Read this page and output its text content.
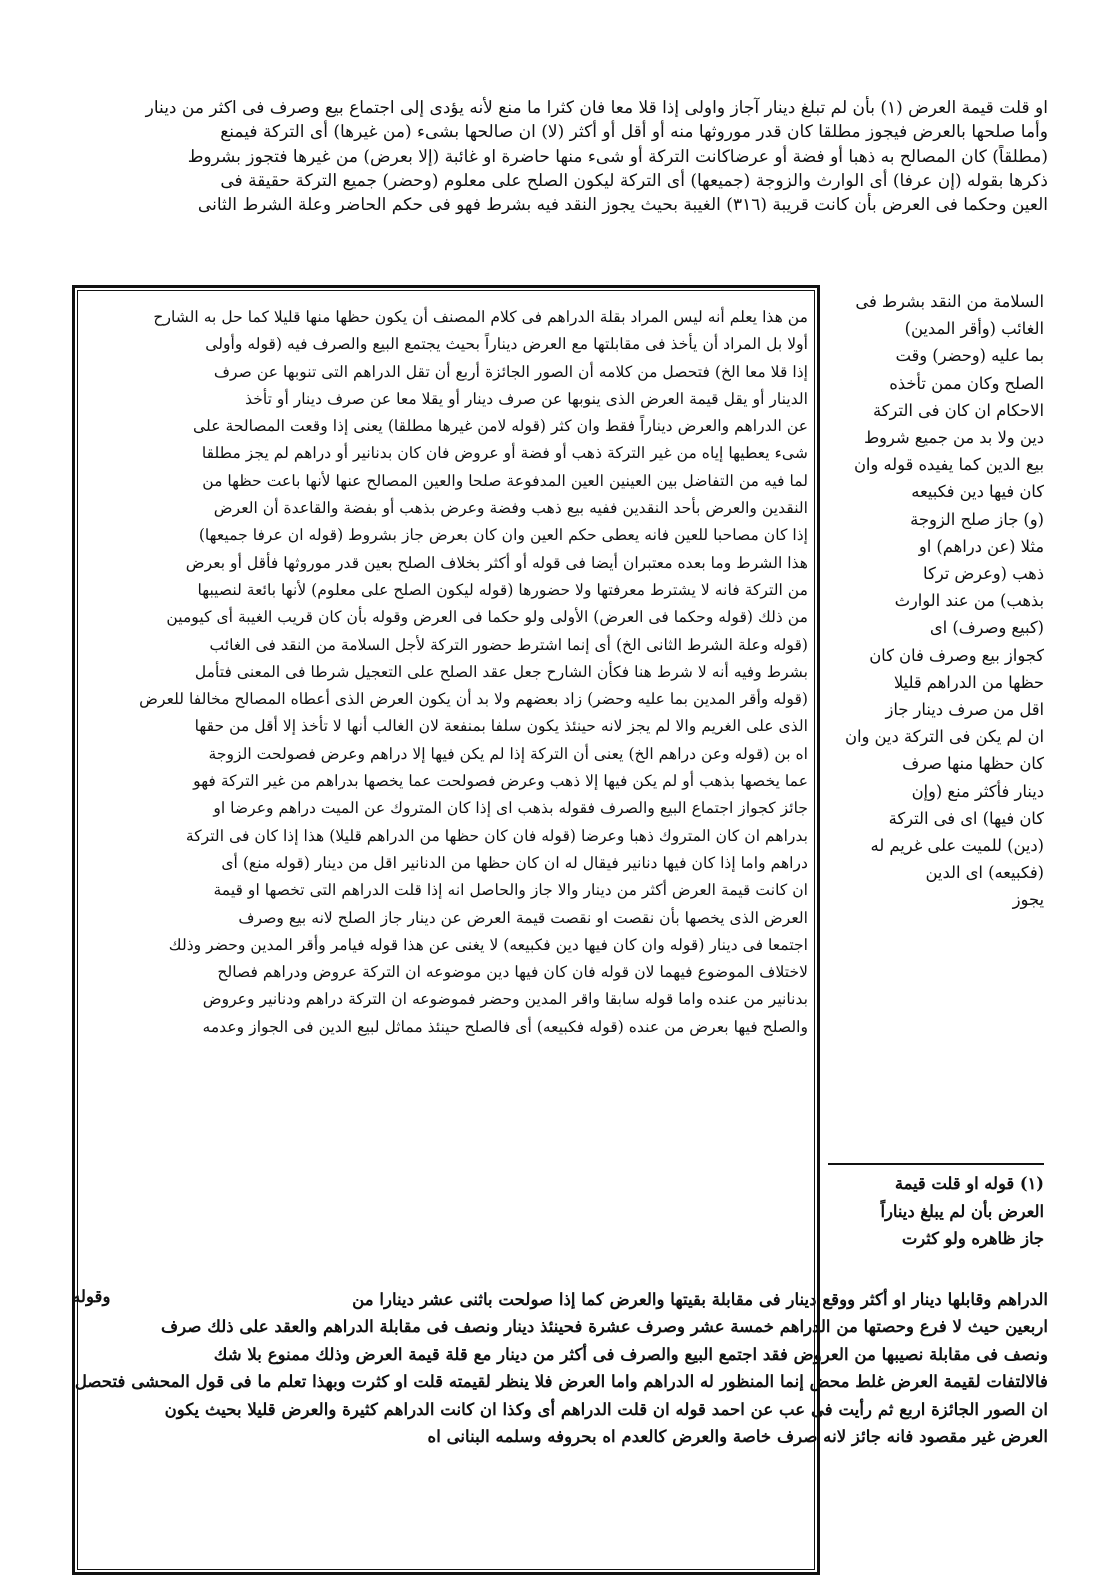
او قلت قيمة العرض (١) بأن لم تبلغ دينار آجاز واولى إذا قلا معا فان كثرا ما منع لأنه يؤدى إلى اجتماع بيع وصرف فى اكثر من دينار
وأما صلحها بالعرض فيجوز مطلقا كان قدر موروثها منه أو أقل أو أكثر (لا) ان صالحها بشىء (من غيرها) أى التركة فيمنع
(مطلقاً) كان المصالح به ذهبا أو فضة أو عرضاكانت التركة أو شىء منها حاضرة او غائبة (إلا بعرض) من غيرها فتجوز بشروط
ذكرها بقوله (إن عرفا) أى الوارث والزوجة (جميعها) أى التركة ليكون الصلح على معلوم (وحضر) جميع التركة حقيقة فى
العين وحكما فى العرض بأن كانت قريبة (٣١٦) الغيبة بحيث يجوز النقد فيه بشرط فهو فى حكم الحاضر وعلة الشرط الثانى
من هذا يعلم أنه ليس المراد بقلة الدراهم فى كلام المصنف أن يكون حظها منها قليلا كما حل به الشارح
أولا بل المراد أن يأخذ فى مقابلتها مع العرض ديناراً بحيث يجتمع البيع والصرف فيه (قوله وأولى
إذا قلا معا الخ) فتحصل من كلامه أن الصور الجائزة أربع أن تقل الدراهم التى تنوبها عن صرف
الدينار أو يقل قيمة العرض الذى ينوبها عن صرف دينار أو يقلا معا عن صرف دينار أو تأخذ
عن الدراهم والعرض ديناراً فقط وان كثر (قوله لامن غيرها مطلقا) يعنى إذا وقعت المصالحة على
شىء يعطيها إياه من غير التركة ذهب أو فضة أو عروض فان كان بدنانير أو دراهم لم يجز مطلقا
لما فيه من التفاضل بين العينين العين المدفوعة صلحا والعين المصالح عنها لأنها باعت حظها من
النقدين والعرض بأحد النقدين ففيه بيع ذهب وفضة وعرض بذهب أو بفضة والقاعدة أن العرض
إذا كان مصاحبا للعين فانه يعطى حكم العين وان كان بعرض جاز بشروط (قوله ان عرفا جميعها)
هذا الشرط وما بعده معتبران أيضا فى قوله أو أكثر بخلاف الصلح بعين قدر موروثها فأقل أو بعرض
من التركة فانه لا يشترط معرفتها ولا حضورها (قوله ليكون الصلح على معلوم) لأنها بائعة لنصيبها
من ذلك (قوله وحكما فى العرض) الأولى ولو حكما فى العرض وقوله بأن كان قريب الغيبة أى كيومين
(قوله وعلة الشرط الثانى الخ) أى إنما اشترط حضور التركة لأجل السلامة من النقد فى الغائب
بشرط وفيه أنه لا شرط هنا فكأن الشارح جعل عقد الصلح على التعجيل شرطا فى المعنى فتأمل
(قوله وأقر المدين بما عليه وحضر) زاد بعضهم ولا بد أن يكون العرض الذى أعطاه المصالح مخالفا للعرض
الذى على الغريم والا لم يجز لانه حينئذ يكون سلفا بمنفعة لان الغالب أنها لا تأخذ إلا أقل من حقها
اه بن (قوله وعن دراهم الخ) يعنى أن التركة إذا لم يكن فيها إلا دراهم وعرض فصولحت الزوجة
عما يخصها بذهب أو لم يكن فيها إلا ذهب وعرض فصولحت عما يخصها بدراهم من غير التركة فهو
جائز كجواز اجتماع البيع والصرف فقوله بذهب اى إذا كان المتروك عن الميت دراهم وعرضا او
بدراهم ان كان المتروك ذهبا وعرضا (قوله فان كان حظها من الدراهم قليلا) هذا إذا كان فى التركة
دراهم واما إذا كان فيها دنانير فيقال له ان كان حظها من الدنانير اقل من دينار (قوله منع) أى
ان كانت قيمة العرض أكثر من دينار والا جاز والحاصل انه إذا قلت الدراهم التى تخصها او قيمة
العرض الذى يخصها بأن نقصت او نقصت قيمة العرض عن دينار جاز الصلح لانه بيع وصرف
اجتمعا فى دينار (قوله وان كان فيها دين فكبيعه) لا يغنى عن هذا قوله فيامر وأقر المدين وحضر وذلك
لاختلاف الموضوع فيهما لان قوله فان كان فيها دين موضوعه ان التركة عروض ودراهم فصالح
بدنانير من عنده واما قوله سابقا واقر المدين وحضر فموضوعه ان التركة دراهم ودنانير وعروض
والصلح فيها بعرض من عنده (قوله فكبيعه) أى فالصلح حينئذ مماثل لبيع الدين فى الجواز وعدمه
السلامة من النقد بشرط فى
الغائب (وأقر المدين)
بما عليه (وحضر) وقت
الصلح وكان ممن تأخذه
الاحكام ان كان فى التركة
دين ولا بد من جميع شروط
بيع الدين كما يفيده قوله وان
كان فيها دين فكبيعه
(و) جاز صلح الزوجة
مثلا (عن دراهم) او
ذهب (وعرض تركا
بذهب) من عند الوارث
(كبيع وصرف) اى
كجواز بيع وصرف فان كان
حظها من الدراهم قليلا
اقل من صرف دينار جاز
ان لم يكن فى التركة دين وان
كان حظها منها صرف
دينار فأكثر منع (وإن
كان فيها) اى فى التركة
(دين) للميت على غريم له
(فكبيعه) اى الدين
يجوز
(١) قوله او قلت قيمة
العرض بأن لم يبلغ ديناراً
جاز ظاهره ولو كثرت
الدراهم وقابلها دينار او أكثر ووقع دينار فى مقابلة بقيتها والعرض كما إذا صولحت باثنى عشر دينارا من
اربعين حيث لا فرع وحصتها من الدراهم خمسة عشر وصرف عشرة فحينئذ دينار ونصف فى مقابلة الدراهم والعقد على ذلك صرف
ونصف فى مقابلة نصيبها من العروض فقد اجتمع البيع والصرف فى أكثر من دينار مع قلة قيمة العرض وذلك ممنوع بلا شك
فالالتفات لقيمة العرض غلط محض إنما المنظور له الدراهم واما العرض فلا ينظر لقيمته قلت او كثرت وبهذا تعلم ما فى قول المحشى فتحصل
ان الصور الجائزة اربع ثم رأيت فى عب عن احمد قوله ان قلت الدراهم أى وكذا ان كانت الدراهم كثيرة والعرض قليلا بحيث يكون
العرض غير مقصود فانه جائز لانه صرف خاصة والعرض كالعدم اه بحروفه وسلمه البنانى اه
وقوله
